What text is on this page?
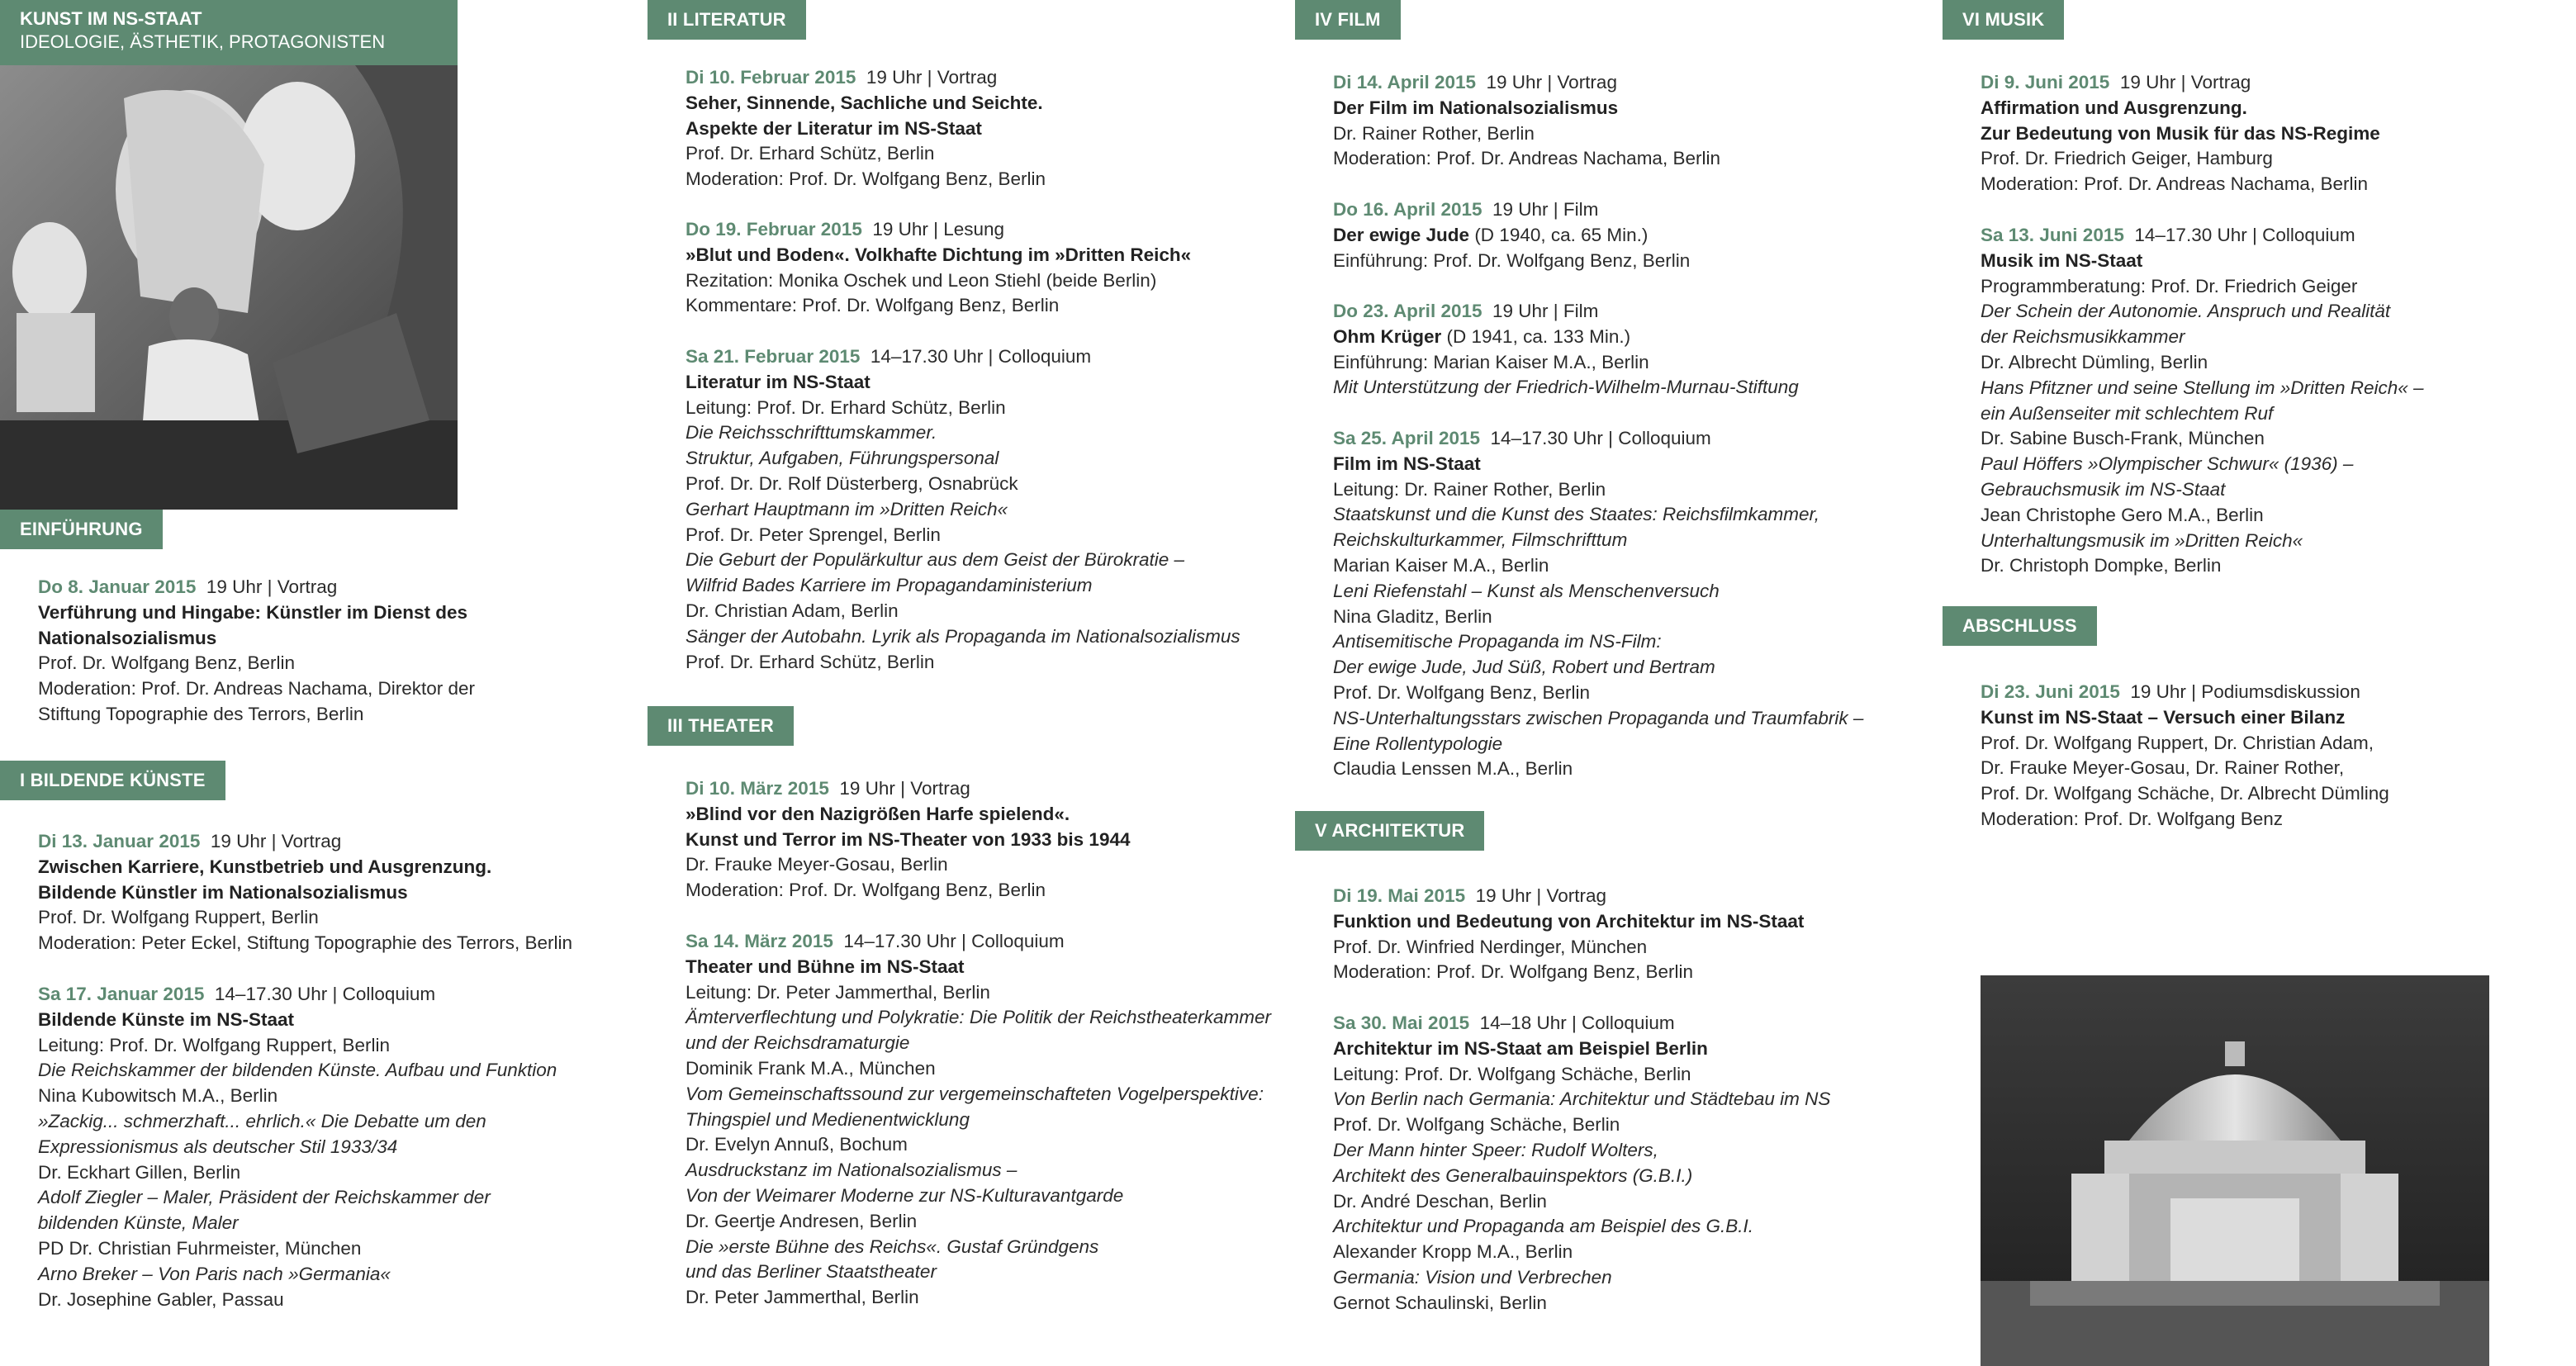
KUNST IM NS-STAAT
IDEOLOGIE, ÄSTHETIK, PROTAGONISTEN
EINFÜHRUNG

Do 8. Januar 2015 19 Uhr | Vortrag

Verführung und Hingabe: Künstler im Dienst des

Nationalsozialismus

Prof. Dr. Wolfgang Benz, Berlin

Moderation: Prof. Dr. Andreas Nachama, Direktor der

Stiftung Topographie des Terrors, Berlin

I BILDENDE KÜNSTE

Di 13. Januar 2015 19 Uhr | Vortrag

Zwischen Karriere, Kunstbetrieb und Ausgrenzung.

Bildende Künstler im Nationalsozialismus

Prof. Dr. Wolfgang Ruppert, Berlin

Moderation: Peter Eckel, Stiftung Topographie des Terrors, Berlin

Sa 17. Januar 2015 14–17.30 Uhr | Colloquium

Bildende Künste im NS-Staat

Leitung: Prof. Dr. Wolfgang Ruppert, Berlin

Die Reichskammer der bildenden Künste. Aufbau und Funktion

Nina Kubowitsch M.A., Berlin

»Zackig... schmerzhaft... ehrlich.« Die Debatte um den

Expressionismus als deutscher Stil 1933/34

Dr. Eckhart Gillen, Berlin

Adolf Ziegler – Maler, Präsident der Reichskammer der

bildenden Künste, Maler

PD Dr. Christian Fuhrmeister, München

Arno Breker – Von Paris nach »Germania«

Dr. Josephine Gabler, Passau

II LITERATUR

Di 10. Februar 2015 19 Uhr | Vortrag

Seher, Sinnende, Sachliche und Seichte.

Aspekte der Literatur im NS-Staat

Prof. Dr. Erhard Schütz, Berlin

Moderation: Prof. Dr. Wolfgang Benz, Berlin

Do 19. Februar 2015 19 Uhr | Lesung

»Blut und Boden«. Volkhafte Dichtung im »Dritten Reich«

Rezitation: Monika Oschek und Leon Stiehl (beide Berlin)

Kommentare: Prof. Dr. Wolfgang Benz, Berlin

Sa 21. Februar 2015 14–17.30 Uhr | Colloquium

Literatur im NS-Staat

Leitung: Prof. Dr. Erhard Schütz, Berlin

Die Reichsschrifttumskammer.

Struktur, Aufgaben, Führungspersonal

Prof. Dr. Dr. Rolf Düsterberg, Osnabrück

Gerhart Hauptmann im »Dritten Reich«

Prof. Dr. Peter Sprengel, Berlin

Die Geburt der Populärkultur aus dem Geist der Bürokratie –

Wilfrid Bades Karriere im Propagandaministerium

Dr. Christian Adam, Berlin

Sänger der Autobahn. Lyrik als Propaganda im Nationalsozialismus

Prof. Dr. Erhard Schütz, Berlin

III THEATER

Di 10. März 2015 19 Uhr | Vortrag

»Blind vor den Nazigrößen Harfe spielend«.

Kunst und Terror im NS-Theater von 1933 bis 1944

Dr. Frauke Meyer-Gosau, Berlin

Moderation: Prof. Dr. Wolfgang Benz, Berlin

Sa 14. März 2015 14–17.30 Uhr | Colloquium

Theater und Bühne im NS-Staat

Leitung: Dr. Peter Jammerthal, Berlin

Ämterverflechtung und Polykratie: Die Politik der Reichstheaterkammer

und der Reichsdramaturgie

Dominik Frank M.A., München

Vom Gemeinschaftssound zur vergemeinschafteten Vogelperspektive:

Thingspiel und Medienentwicklung

Dr. Evelyn Annuß, Bochum

Ausdruckstanz im Nationalsozialismus –

Von der Weimarer Moderne zur NS-Kulturavantgarde

Dr. Geertje Andresen, Berlin

Die »erste Bühne des Reichs«. Gustaf Gründgens

und das Berliner Staatstheater

Dr. Peter Jammerthal, Berlin

IV FILM

Di 14. April 2015 19 Uhr | Vortrag

Der Film im Nationalsozialismus

Dr. Rainer Rother, Berlin

Moderation: Prof. Dr. Andreas Nachama, Berlin

Do 16. April 2015 19 Uhr | Film

Der ewige Jude (D 1940, ca. 65 Min.)

Einführung: Prof. Dr. Wolfgang Benz, Berlin

Do 23. April 2015 19 Uhr | Film

Ohm Krüger (D 1941, ca. 133 Min.)

Einführung: Marian Kaiser M.A., Berlin

Mit Unterstützung der Friedrich-Wilhelm-Murnau-Stiftung

Sa 25. April 2015 14–17.30 Uhr | Colloquium

Film im NS-Staat

Leitung: Dr. Rainer Rother, Berlin

Staatskunst und die Kunst des Staates: Reichsfilmkammer,

Reichskulturkammer, Filmschrifttum

Marian Kaiser M.A., Berlin

Leni Riefenstahl – Kunst als Menschenversuch

Nina Gladitz, Berlin

Antisemitische Propaganda im NS-Film:

Der ewige Jude, Jud Süß, Robert und Bertram

Prof. Dr. Wolfgang Benz, Berlin

NS-Unterhaltungsstars zwischen Propaganda und Traumfabrik –

Eine Rollentypologie

Claudia Lenssen M.A., Berlin

V ARCHITEKTUR

Di 19. Mai 2015 19 Uhr | Vortrag

Funktion und Bedeutung von Architektur im NS-Staat

Prof. Dr. Winfried Nerdinger, München

Moderation: Prof. Dr. Wolfgang Benz, Berlin

Sa 30. Mai 2015 14–18 Uhr | Colloquium

Architektur im NS-Staat am Beispiel Berlin

Leitung: Prof. Dr. Wolfgang Schäche, Berlin

Von Berlin nach Germania: Architektur und Städtebau im NS

Prof. Dr. Wolfgang Schäche, Berlin

Der Mann hinter Speer: Rudolf Wolters,

Architekt des Generalbauinspektors (G.B.I.)

Dr. André Deschan, Berlin

Architektur und Propaganda am Beispiel des G.B.I.

Alexander Kropp M.A., Berlin

Germania: Vision und Verbrechen

Gernot Schaulinski, Berlin

VI MUSIK

Di 9. Juni 2015 19 Uhr | Vortrag

Affirmation und Ausgrenzung.

Zur Bedeutung von Musik für das NS-Regime

Prof. Dr. Friedrich Geiger, Hamburg

Moderation: Prof. Dr. Andreas Nachama, Berlin

Sa 13. Juni 2015 14–17.30 Uhr | Colloquium

Musik im NS-Staat

Programmberatung: Prof. Dr. Friedrich Geiger

Der Schein der Autonomie. Anspruch und Realität

der Reichsmusikkammer

Dr. Albrecht Dümling, Berlin

Hans Pfitzner und seine Stellung im »Dritten Reich« –

ein Außenseiter mit schlechtem Ruf

Dr. Sabine Busch-Frank, München

Paul Höffers »Olympischer Schwur« (1936) –

Gebrauchsmusik im NS-Staat

Jean Christophe Gero M.A., Berlin

Unterhaltungsmusik im »Dritten Reich«

Dr. Christoph Dompke, Berlin

ABSCHLUSS

Di 23. Juni 2015 19 Uhr | Podiumsdiskussion

Kunst im NS-Staat – Versuch einer Bilanz

Prof. Dr. Wolfgang Ruppert, Dr. Christian Adam,

Dr. Frauke Meyer-Gosau, Dr. Rainer Rother,

Prof. Dr. Wolfgang Schäche, Dr. Albrecht Dümling

Moderation: Prof. Dr. Wolfgang Benz
